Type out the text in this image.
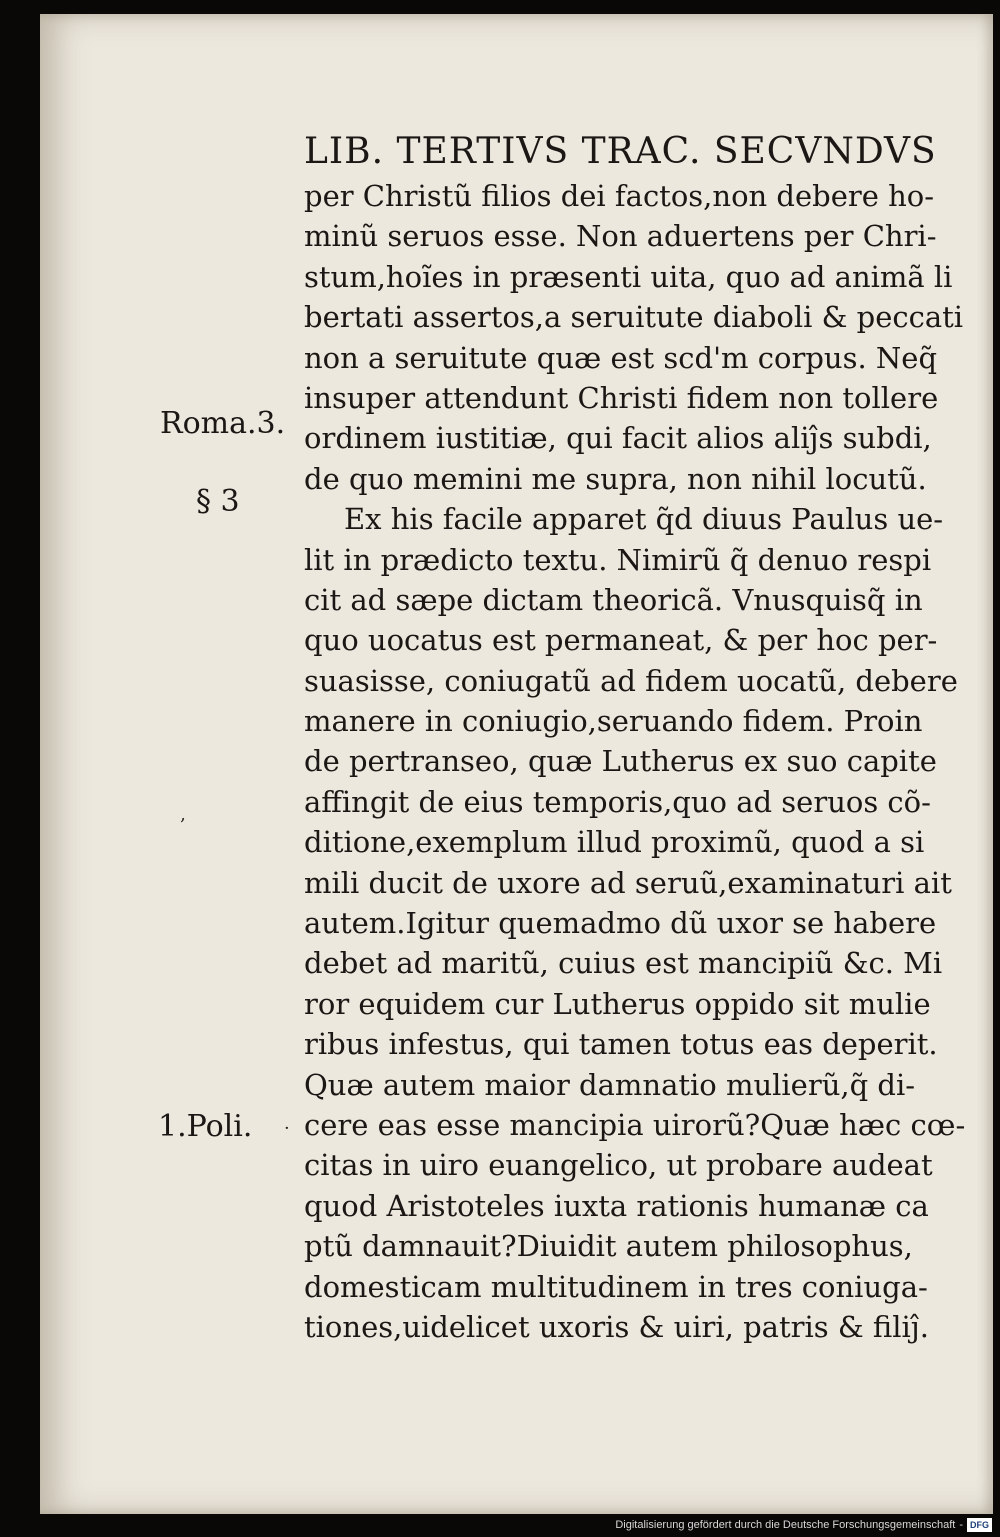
Roma.3.
§ 3
1.Poli.
‚
·
LIB. TERTIVS TRAC. SECVNDVS
per Christũ filios dei factos,non debere ho-
minũ seruos esse. Non aduertens per Chri-
stum,hoĩes in præsenti uita, quo ad animã li
bertati assertos,a seruitute diaboli & peccati
non a seruitute quæ est scd'm corpus. Neq̃
insuper attendunt Christi fidem non tollere
ordinem iustitiæ, qui facit alios aliĵs subdi,
de quo memini me supra, non nihil locutũ.
Ex his facile apparet q̃d diuus Paulus ue-
lit in prædicto textu. Nimirũ q̃ denuo respi
cit ad sæpe dictam theoricã. Vnusquisq̃ in
quo uocatus est permaneat, & per hoc per-
suasisse, coniugatũ ad fidem uocatũ, debere
manere in coniugio,seruando fidem. Proin
de pertranseo, quæ Lutherus ex suo capite
affingit de eius temporis,quo ad seruos cõ-
ditione,exemplum illud proximũ, quod a si
mili ducit de uxore ad seruũ,examinaturi ait
autem.Igitur quemadmo dũ uxor se habere
debet ad maritũ, cuius est mancipiũ &c. Mi
ror equidem cur Lutherus oppido sit mulie
ribus infestus, qui tamen totus eas deperit.
Quæ autem maior damnatio mulierũ,q̃ di-
cere eas esse mancipia uirorũ?Quæ hæc cœ-
citas in uiro euangelico, ut probare audeat
quod Aristoteles iuxta rationis humanæ ca
ptũ damnauit?Diuidit autem philosophus,
domesticam multitudinem in tres coniuga-
tiones,uidelicet uxoris & uiri, patris & filiĵ.
Digitalisierung gefördert durch die Deutsche Forschungsgemeinschaft - DFG
